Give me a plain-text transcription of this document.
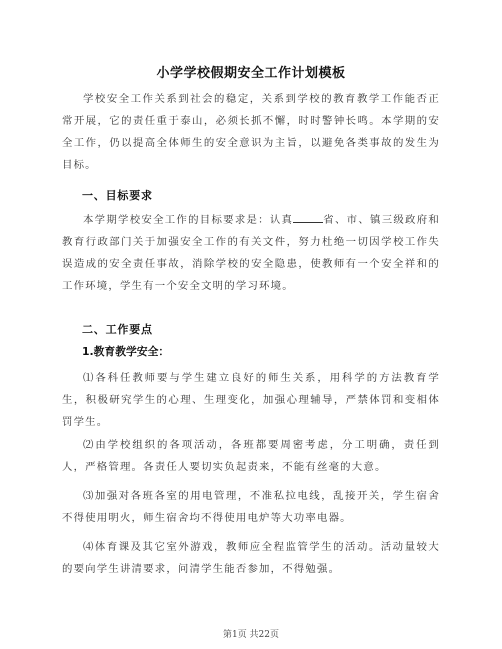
小学学校假期安全工作计划模板

学校安全工作关系到社会的稳定，关系到学校的教育教学工作能否正常开展，它的责任重于泰山，必须长抓不懈，时时警钟长鸣。本学期的安全工作，仍以提高全体师生的安全意识为主旨，以避免各类事故的发生为目标。

一、目标要求

本学期学校安全工作的目标要求是：认真	省、市、镇三级政府和教育行政部门关于加强安全工作的有关文件，努力杜绝一切因学校工作失误造成的安全责任事故，消除学校的安全隐患，使教师有一个安全祥和的工作环境，学生有一个安全文明的学习环境。

二、工作要点
1.教育教学安全：

⑴各科任教师要与学生建立良好的师生关系，用科学的方法教育学生，积极研究学生的心理、生理变化，加强心理辅导，严禁体罚和变相体罚学生。

⑵由学校组织的各项活动，各班都要周密考虑，分工明确，责任到人，严格管理。各责任人要切实负起责来，不能有丝毫的大意。

⑶加强对各班各室的用电管理，不准私拉电线，乱接开关，学生宿舍不得使用明火，师生宿舍均不得使用电炉等大功率电器。

⑷体育课及其它室外游戏，教师应全程监管学生的活动。活动量较大的要向学生讲清要求，问清学生能否参加，不得勉强。

第1页 共22页
